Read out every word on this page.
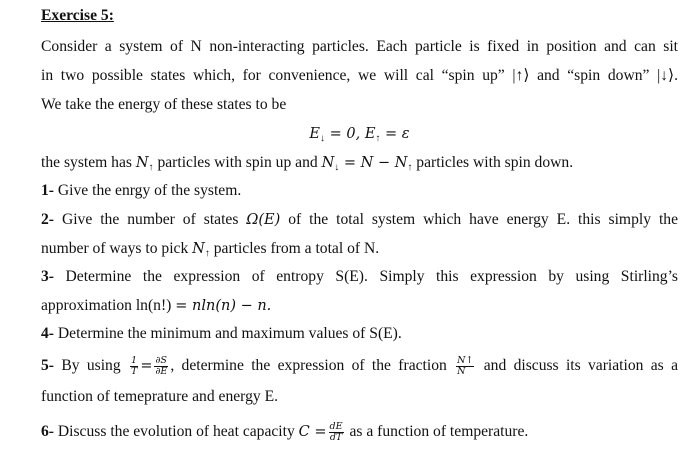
Exercise 5:
Consider a system of N non-interacting particles. Each particle is fixed in position and can sit
in two possible states which, for convenience, we will cal “spin up” |↑⟩ and “spin down” |↓⟩.
We take the energy of these states to be
$E_↓ = 0$, $E_↑ = \varepsilon$
the system has $N_↑$ particles with spin up and $N_↓ = N - N_↑$ particles with spin down.
1- Give the enrgy of the system.
2- Give the number of states Ω(E) of the total system which have energy E. this simply the
number of ways to pick $N_↑$ particles from a total of N.
3- Determine the expression of entropy S(E). Simply this expression by using Stirling’s
approximation ln(n!) = nln(n) − n.
4- Determine the minimum and maximum values of S(E).
5- By using $\frac{1}{T} = \frac{\partial S}{\partial E}$ , determine the expression of the fraction $\frac{N↑}{N}$ and discuss its variation as a
function of temeprature and energy E.
6- Discuss the evolution of heat capacity $C = \frac{dE}{dT}$ as a function of temperature.
